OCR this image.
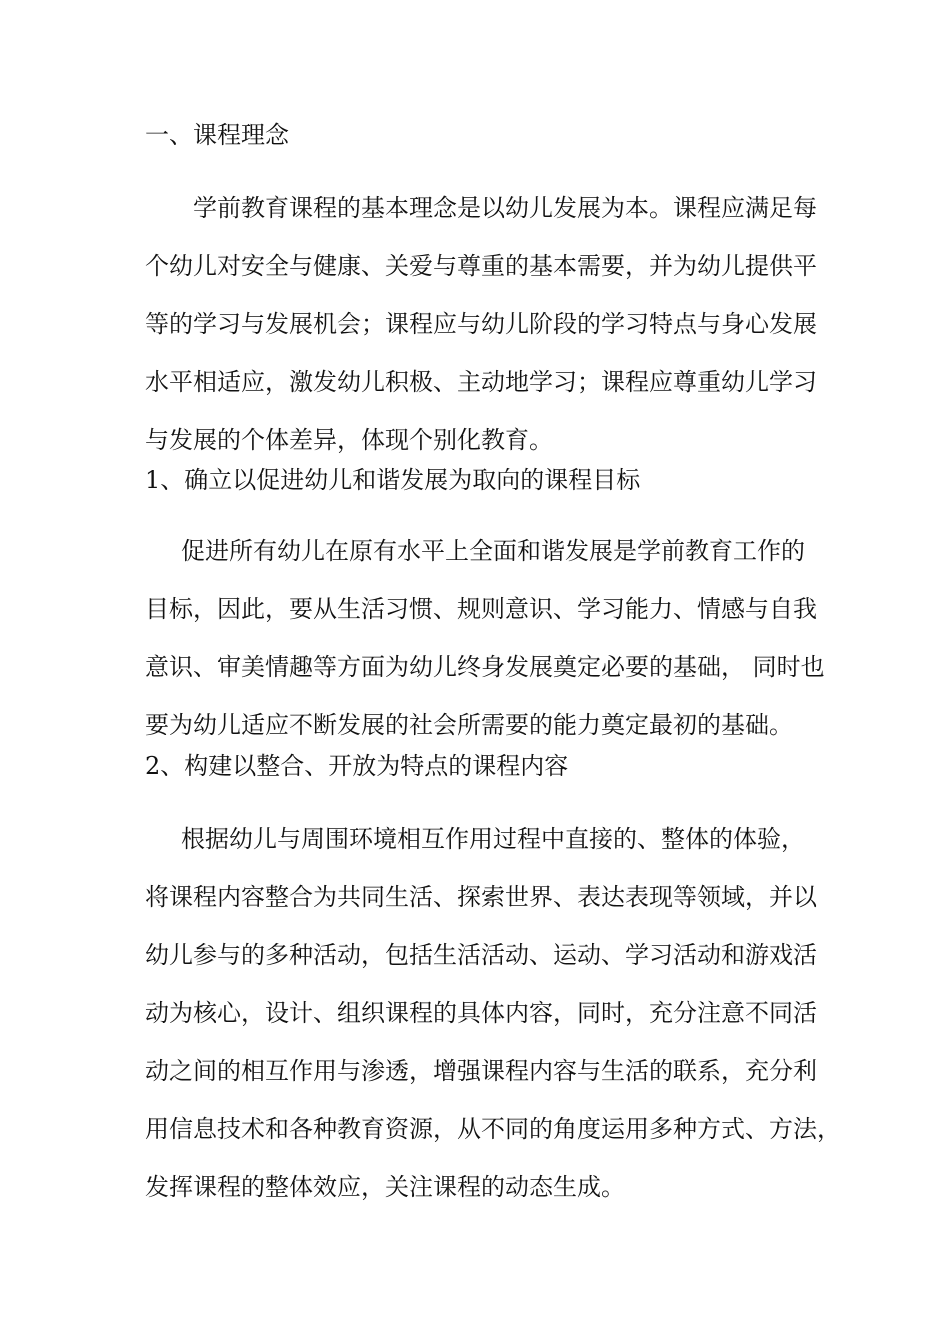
一、课程理念
学前教育课程的基本理念是以幼儿发展为本。课程应满足每
个幼儿对安全与健康、关爱与尊重的基本需要，并为幼儿提供平
等的学习与发展机会；课程应与幼儿阶段的学习特点与身心发展
水平相适应，激发幼儿积极、主动地学习；课程应尊重幼儿学习
与发展的个体差异，体现个别化教育。
1、确立以促进幼儿和谐发展为取向的课程目标
促进所有幼儿在原有水平上全面和谐发展是学前教育工作的
目标，因此，要从生活习惯、规则意识、学习能力、情感与自我
意识、审美情趣等方面为幼儿终身发展奠定必要的基础， 同时也
要为幼儿适应不断发展的社会所需要的能力奠定最初的基础。
2、构建以整合、开放为特点的课程内容
根据幼儿与周围环境相互作用过程中直接的、整体的体验，
将课程内容整合为共同生活、探索世界、表达表现等领域，并以
幼儿参与的多种活动，包括生活活动、运动、学习活动和游戏活
动为核心，设计、组织课程的具体内容，同时，充分注意不同活
动之间的相互作用与渗透，增强课程内容与生活的联系，充分利
用信息技术和各种教育资源，从不同的角度运用多种方式、方法，
发挥课程的整体效应，关注课程的动态生成。
